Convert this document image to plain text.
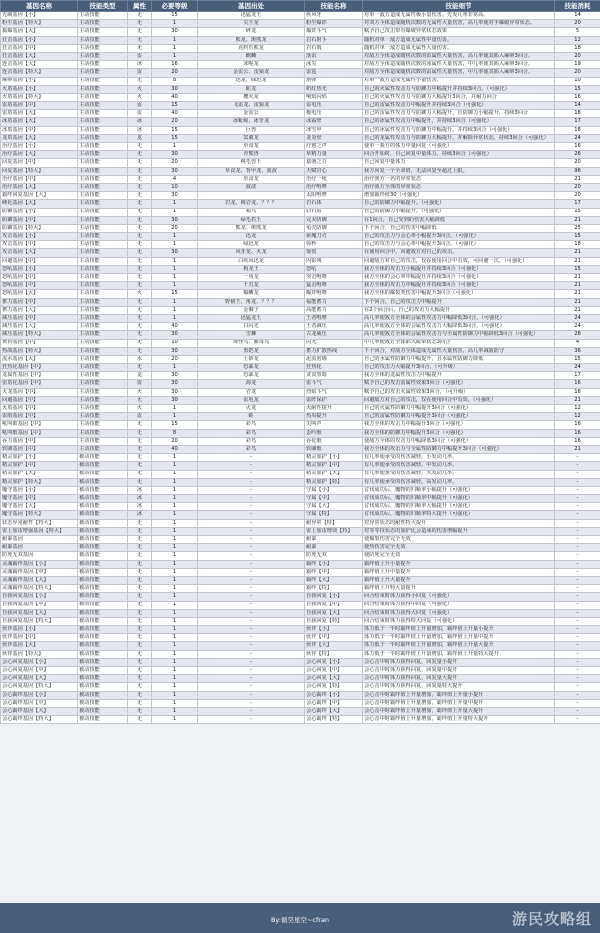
基因名称	技能类型	属性	必要等级	基因出处	技能名称	技能细节	技能消耗
先制基因【小】	主动技能	无	15	迅猛龙王	疾风牙	对单一敌方造成无属性极小量伤害。先发几率非常高。	14
粉尘基因【特大】	主动技能	无	1	尖王龙	粉尘爆炸	对双方全体造成随机次数的无属性大量伤害，高几率使对手爆破异常状态。	20
黏爆基因【大】	主动技能	无	30	碎龙	爆炸斗气	赋予自己攻击带有爆破异常状态效果	5
狂击基因【小】	主动技能	无	1	熊龙、斑熊龙	岩石射手	随机对单一敌方造成无属性中量伤害。	12
狂击基因【中】	主动技能	无	1	克约爪熊龙	岩石雨	随机对单一敌方造成无属性大量伤害。	18
狂击基因【大】	主动技能	雷	1	麒麟	落雷	对敌方全体造成随机次数的雷属性大量伤害，高几率使其陷入麻痹3回合。	20
连击基因【大】	主动技能	冰	16	冰呢龙	冰尖	对敌方全体造成随机次数的冰属性大量伤害，中几率使其陷入麻痹3回合。	19
连击基因【特大】	主动技能	雷	20	金雷公、雷狼龙	雷霆	对敌方全体造成随机次数的雷属性大量伤害，中几率使其陷入麻痹3回合。	20
麻痹基因【小】	主动技能	无	8	迅龙、绿迅龙	割弹	对单一敌方造成无属性小量伤害。	10
火盾基因【小】	主动技能	火	30	蛇龙	奶红热光	自己的火属性攻击力与防御力中幅提升并持续3回合。（可强化）	15
火盾基因【特大】	主动技能	火	40	樱火龙	响焰闪焰	自己的火属性攻击力与防御力大幅提升3回合，并耐力回合	16
雷盾基因【中】	主动技能	雷	15	飞雷龙、雷狼龙	雷电压	自己的雷属性攻击力中幅提升并持续3回合（可强化）	14
雷盾基因【大】	主动技能	雷	40	金雷公	极电压	自己的雷属性攻击力与防御力大幅提升，且防御力小幅提升，持续3回合	18
冰盾基因【大】	主动技能	冰	20	冰蚯蚓、冰牙龙	冰霜壁	自己的冰属性攻击力中幅提升，并持续3回合（可强化）	17
冰盾基因【中】	主动技能	冰	15	巨兽	冰雪甲	自己的冰属性攻击力与防御力中幅提升，并持续3回合（可强化）	18
龙盾基因【大】	主动技能	龙	15	冥翼龙	龙炎壁	自己的龙属性攻击力与防御力大幅提升，并解除异常状态，持续3回合（可强化）	24
治疗基因【小】	主动技能	无	1	草食龙	疗愈之声	使单一我方的体力中量回复（可强化）	16
治疗基因【大】	主动技能	无	30	青熊兽	草精力量	回合开始时，自己回复中量体力，持续3回合（可强化）	26
回复基因【中】	主动技能	无	20	桃毛兽王	嘉萌之力	自己回复中量体力	20
回复基因【特大】	主动技能	无	30	草食龙、背甲龙、波波	天赋宫心	我方回复一个全命值，无法回复至超过上限。	96
治疗基因【中】	主动技能	无	4	草食龙	治疗一吼	治疗我方一名的异常状态	21
治疗基因【大】	主动技能	无	10	波波	治疗咆哮	治疗我方全体的异常状态	20
霸绊回复基因【大】	主动技能	无	30		太阳咆哮	增加霸绊值30（可强化）	20
硬化基因【大】	主动技能	无	1	岩龙、桃岩龙、？？？	岩石体	自己的防御力中幅提升。（可强化）	17
防御基因【小】	主动技能	无	1	箱鸟	岩石盾	自己的防御力小幅提升。（可强化）	15
防御基因【中】	主动技能	无	30	绿毛盾王	完美防御	在1回合，自己受到的伤害大幅降低	21
防御基因【特大】	主动技能	无	20	熊龙、斑熊龙	龟壳防御	下个回合，自己的伤害中幅降低	25
攻击基因【小】	主动技能	无	1	迅龙	驱魔刀刃	自己的攻击力与会心率小幅提升3回合。（可强化）	15
攻击基因【中】	主动技能	无	1	绿迅龙	弥秒	自己的攻击力与会心率中幅提升3回合。（可强化）	18
攻击基因【大】	主动技能	无	30	风牙龙、火龙	鉴赏	在使用回合中，回避敌方对自己的攻击。	21
回避基因【中】	主动技能	无	1	白疾风迅龙	闪影残	回避敌方对自己的攻击，仅在使用回合中有效，可回避一次。（可强化）	21
怒吼基因【小】	主动技能	无	1	狗龙王	怒吼	我方全体的攻击力小幅提升并持续3回合（可强化）	15
怒吼基因【中】	主动技能	无	1	一角龙	突击咆哮	我方全体的会心率中幅提升并持续3回合（可强化）	21
怒吼基因【中】	主动技能	无	1	千刃龙	猛击咆哮	我方全体的攻击力中幅提升并持续3回合（可强化）	21
怒吼基因【大】	主动技能	火	15	爆鳞龙	爆炸咆哮	我方全体的爆裂类伤害中幅提升3回合（可强化）	21
蓄力基因【中】	主动技能	无	1	野猪王、角龙、？？？	福能蓄力	下个回合，自己的攻击力中幅提升	21
蓄力基因【大】	主动技能	无	1	金狮子	高能蓄力	在2个回合后，自己的攻击力大幅提升	21
减压基因【中】	主动技能	无	1	迅猛龙王	王者咆哮	高几率使敌方全体的会属性攻击力中幅降低3回合。（可强化）	24
减压基因【大】	主动技能	无	40	白闪光	王者减压	高几率使敌方全体的会属性攻击力大幅降低3回合。（可强化）	24
减压基因【特大】	主动技能	无	30	雪狮	古龙威压	高几率使敌方全体的会属性攻击力与全属性防御力中幅降低3回合（可强化）	28
黄昏基因【中】	主动技能	无	10	毒怪鸟、紫毒鸟	闪光	中几率使敌方全体陷入眩晕状态3回合	4
热战基因【特大】	主动技能	无	30	黑铠龙	蓄力扩散热线	下个回合，对敌方全体造成无属性大量伤害，高几率减敌防守	36
流水基因【大】	主动技能	水	20	土砂龙	泥流泡墙	自己的水属性防御力中幅提升，且水属性防御力降低	15
狂热化基因【中】	主动技能	无	1	恐暴龙	狂热化	自己的攻击力大幅提升3回合，（可升级）	24
龙属性基因【中】	主动技能	龙	30	恐暴龙	贪食黑暗	我方全体的龙属性攻击力中幅提升	17
雷盾化基因【中】	主动技能	雷	30	海龙	雷斗气	赋予自己的攻击雷属性效果3回合（可强化）	16
火龙基因【中】	主动技能	火	30	岩龙	烈焰斗气	赋予自己的攻击火属性效果3回合，（可升级）	16
回避基因【中】	主动技能	无	30	雷电龙	雷阵保护	回避敌方对自己的攻击，仅在使用回合中有效。（可强化）	21
火盾基因【中】	主动技能	火	1	火龙	火耐性提升	自己的火属性防御力中幅提升3回合（可强化）	12
雷雨基因【中】	主动技能	雷	1	蛙	热央提升	自己的雷属性防御力中幅提升3回合（可强化）	12
吼叫歌基因【中】	主动技能	无	15	彩鸟	尖叫声	我方全体的攻击力中幅提升3回合（可强化）	16
吼叫歌基因【中】	主动技能	无	8	彩鸟	歪吟歌	我方全体的防御力中幅提升3回合（可强化）	16
吞力基因【中】	主动技能	无	20	彩鸟	吞化歌	使敌方全体的攻击力中幅降低3回合（可强化）	16
软刷基因【中】	主动技能	无	40	彩鸟	软刷歌	我方全体的攻击力与全属性防御力中幅提升3回合（可强化）	21
精灵加护【小】	被动技能	无	1	-	精灵加护【小】	有几率使承受的伤害减轻，小发动几率。	-
精灵加护【中】	被动技能	无	1	-	精灵加护【中】	有几率使承受的伤害减轻，中发动几率。	-
精灵加护【大】	被动技能	无	1	-	精灵加护【大】	有几率使承受的伤害减轻，大发动几率。	-
精灵加护【特大】	被动技能	无	1	-	精灵加护【特】	有几率使承受的伤害减轻，高发动几率。	-
魔守基因【小】	被动技能	冰	1	-	守属【小】	讨伐成功后，魔物的归顺率小幅提升（可强化）	-
魔守基因【中】	被动技能	冰	1	-	守属【中】	讨伐成功后，魔物的归顺率中幅提升（可强化）	-
魔守基因【大】	被动技能	冰	1	-	守属【大】	讨伐成功后，魔物的归顺率大幅提升（可强化）	-
魔守基因【特大】	被动技能	冰	1	-	守属【特】	讨伐成功后，魔物的归顺率特大提升（可强化）	-
状态异常耐性【特大】	被动技能	无	1	-	耐异常【特】	对异常状态的耐性特大提升	-
雷上加雷增强基因【特大】	被动技能	无	1	-	雷上加雷增效【特】	对等等技状态的加护比会造成的伤害增幅提升	-
耐暴基因	被动技能	无	1	-	耐暴	使爆裂伤害完全无效	-
耐暴基因	被动技能	无	1	-	耐暴	使热伤害完全无效	-
防死无双基因	被动技能	无	1	-	防死无双	使防死完全无效	-
灵魂霸绊基因【小】	被动技能	无	1	-	霸绊【小】	霸绊值上升小量提升	-
灵魂霸绊基因【中】	被动技能	无	1	-	霸绊【中】	霸绊值上升中量提升	-
灵魂霸绊基因【大】	被动技能	无	1	-	霸绊【大】	霸绊值上升大量提升	-
灵魂霸绊基因【特大】	被动技能	无	1	-	霸绊【特】	霸绊值上升特大量提升	-
自我回复基因【小】	被动技能	无	1	-	自我回复【小】	回合结束时体力获得小回复（可强化）	-
自我回复基因【中】	被动技能	无	1	-	自我回复【中】	回合结束时体力获得中回复（可强化）	-
自我回复基因【大】	被动技能	无	1	-	自我回复【大】	回合结束时体力获得大回复（可强化）	-
自我回复基因【特大】	被动技能	无	1	-	自我回复【特】	回合结束时体力获得特大回复（可强化）	-
伙伴基因【小】	被动技能	无	1	-	伙伴【小】	体力低于一半时霸绊值上升量增加，霸绊值上升量小提升	-
伙伴基因【中】	被动技能	无	1	-	伙伴【中】	体力低于一半时霸绊值上升量增加，霸绊值上升量中提升	-
伙伴基因【大】	被动技能	无	1	-	伙伴【大】	体力低于一半时霸绊值上升量增加，霸绊值上升量大提升	-
伙伴基因【特大】	被动技能	无	1	-	伙伴【特】	体力低于一半时霸绊值上升量增加，霸绊值上升量特大提升	-
会心回复基因【小】	被动技能	无	1	-	会心回复【小】	会心击中时体力获得回复，回复量小提升	-
会心回复基因【中】	被动技能	无	1	-	会心回复【中】	会心击中时体力获得回复，回复量中提升	-
会心回复基因【大】	被动技能	无	1	-	会心回复【大】	会心击中时体力获得回复，回复量大提升	-
会心回复基因【特大】	被动技能	无	1	-	会心回复【特】	会心击中时体力获得回复，回复量特大提升	-
会心霸绊基因【小】	被动技能	无	1	-	会心霸绊【小】	会心击中时霸绊值上升量增加，霸绊值上升量小提升	-
会心霸绊基因【中】	被动技能	无	1	-	会心霸绊【中】	会心击中时霸绊值上升量增加，霸绊值上升量中提升	-
会心霸绊基因【大】	被动技能	无	1	-	会心霸绊【大】	会心击中时霸绊值上升量增加，霸绊值上升量大提升	-
会心霸绊基因【特大】	被动技能	无	1	-	会心霸绊【特】	会心击中时霸绊值上升量增加，霸绊值上升量特大提升	-
By:循昊星空~cfran	游民攻略组
